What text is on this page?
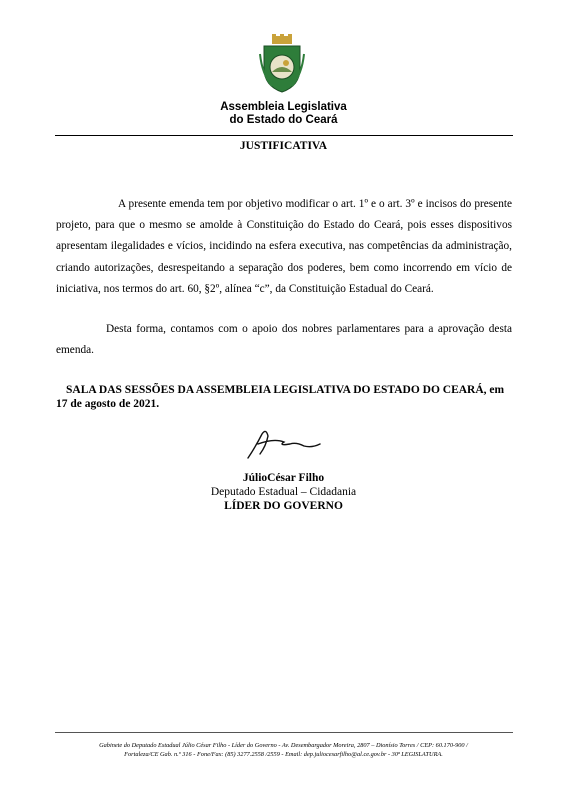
Assembleia Legislativa
do Estado do Ceará
JUSTIFICATIVA
A presente emenda tem por objetivo modificar o art. 1º e o art. 3º e incisos do presente projeto, para que o mesmo se amolde à Constituição do Estado do Ceará, pois esses dispositivos apresentam ilegalidades e vícios, incidindo na esfera executiva, nas competências da administração, criando autorizações, desrespeitando a separação dos poderes, bem como incorrendo em vício de iniciativa, nos termos do art. 60, §2º, alínea “c”, da Constituição Estadual do Ceará.
Desta forma, contamos com o apoio dos nobres parlamentares para a aprovação desta emenda.
SALA DAS SESSÕES DA ASSEMBLEIA LEGISLATIVA DO ESTADO DO CEARÁ, em 17 de agosto de 2021.
JúlioCésar Filho
Deputado Estadual – Cidadania
LÍDER DO GOVERNO
Gabinete do Deputado Estadual Júlio César Filho - Líder do Governo - Av. Desembargador Moreira, 2807 – Dionísio Torres / CEP: 60.170-900 /
Fortaleza/CE Gab. n.º 316 - Fone/Fax: (85) 3277.2558 /2559 - Email: dep.juliocesarfilho@al.ce.gov.br - 30ª LEGISLATURA.
